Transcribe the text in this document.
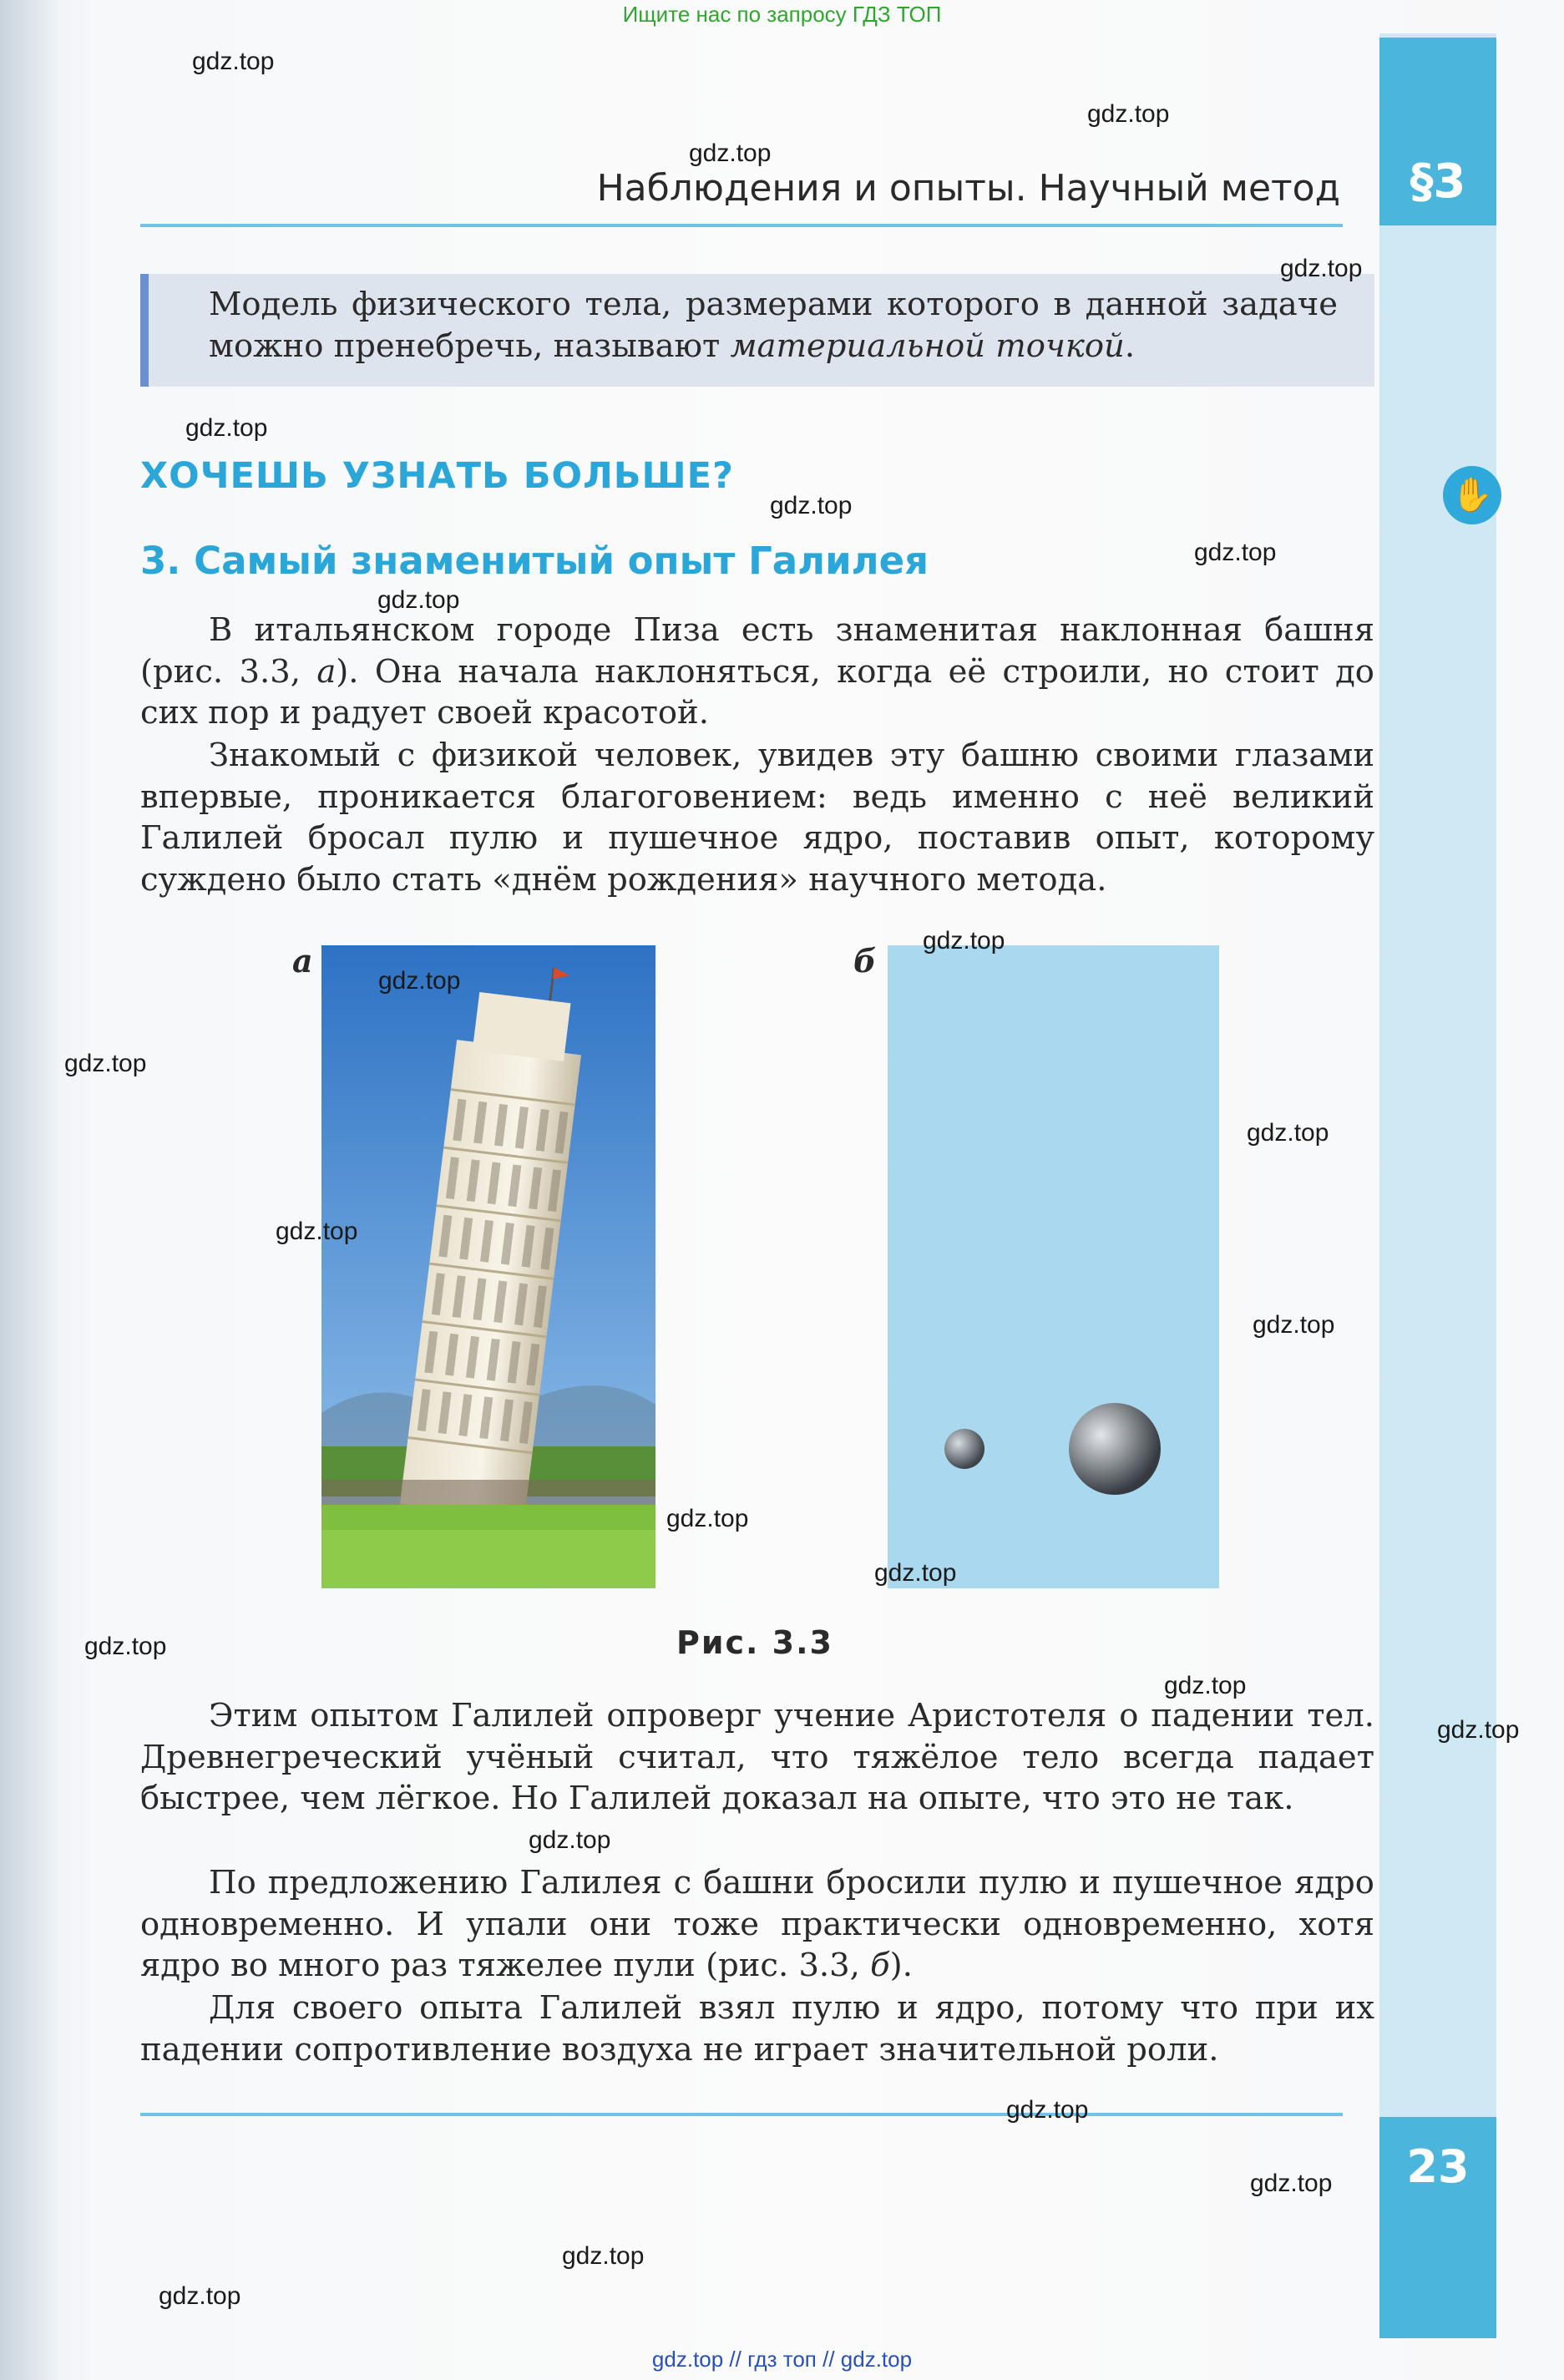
§3
23
Ищите нас по запросу ГДЗ ТОП
Наблюдения и опыты. Научный метод

Модель физического тела, размерами которого в данной задаче можно пренебречь, называют материальной точкой.

✋
ХОЧЕШЬ УЗНАТЬ БОЛЬШЕ?
3. Самый знаменитый опыт Галилея

В итальянском городе Пиза есть знаменитая наклонная башня (рис. 3.3, а). Она начала наклоняться, когда её строили, но стоит до сих пор и радует своей красотой.

Знакомый с физикой человек, увидев эту башню своими глазами впервые, проникается благоговением: ведь именно с неё великий Галилей бросал пулю и пушечное ядро, поставив опыт, которому суждено было стать «днём рождения» научного метода.

а	б
Рис. 3.3

Этим опытом Галилей опроверг учение Аристотеля о падении тел. Древнегреческий учёный считал, что тяжёлое тело всегда падает быстрее, чем лёгкое. Но Галилей доказал на опыте, что это не так.

По предложению Галилея с башни бросили пулю и пушечное ядро одновременно. И упали они тоже практически одновременно, хотя ядро во много раз тяжелее пули (рис. 3.3, б).

Для своего опыта Галилей взял пулю и ядро, потому что при их падении сопротивление воздуха не играет значительной роли.

gdz.top // гдз топ // gdz.top
gdz.top
gdz.top
gdz.top
gdz.top
gdz.top
gdz.top
gdz.top
gdz.top
gdz.top
gdz.top
gdz.top
gdz.top
gdz.top
gdz.top
gdz.top
gdz.top
gdz.top
gdz.top
gdz.top
gdz.top
gdz.top
gdz.top
gdz.top
gdz.top
